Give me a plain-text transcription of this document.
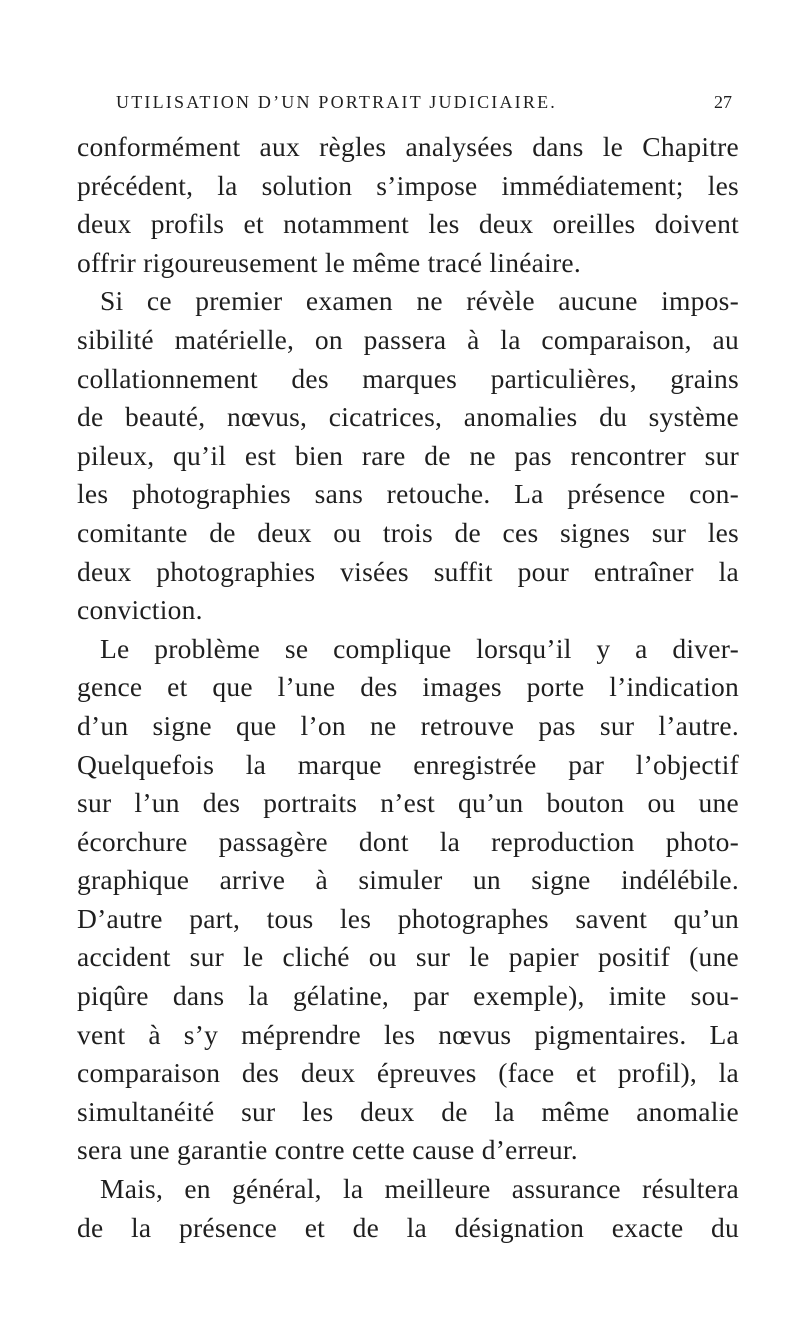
UTILISATION D’UN PORTRAIT JUDICIAIRE.	27
conformément aux règles analysées dans le Chapitre
précédent, la solution s’impose immédiatement; les
deux profils et notamment les deux oreilles doivent
offrir rigoureusement le même tracé linéaire.
Si ce premier examen ne révèle aucune impos-
sibilité matérielle, on passera à la comparaison, au
collationnement des marques particulières, grains
de beauté, nœvus, cicatrices, anomalies du système
pileux, qu’il est bien rare de ne pas rencontrer sur
les photographies sans retouche. La présence con-
comitante de deux ou trois de ces signes sur les
deux photographies visées suffit pour entraîner la
conviction.
Le problème se complique lorsqu’il y a diver-
gence et que l’une des images porte l’indication
d’un signe que l’on ne retrouve pas sur l’autre.
Quelquefois la marque enregistrée par l’objectif
sur l’un des portraits n’est qu’un bouton ou une
écorchure passagère dont la reproduction photo-
graphique arrive à simuler un signe indélébile.
D’autre part, tous les photographes savent qu’un
accident sur le cliché ou sur le papier positif (une
piqûre dans la gélatine, par exemple), imite sou-
vent à s’y méprendre les nœvus pigmentaires. La
comparaison des deux épreuves (face et profil), la
simultanéité sur les deux de la même anomalie
sera une garantie contre cette cause d’erreur.
Mais, en général, la meilleure assurance résultera
de la présence et de la désignation exacte du
